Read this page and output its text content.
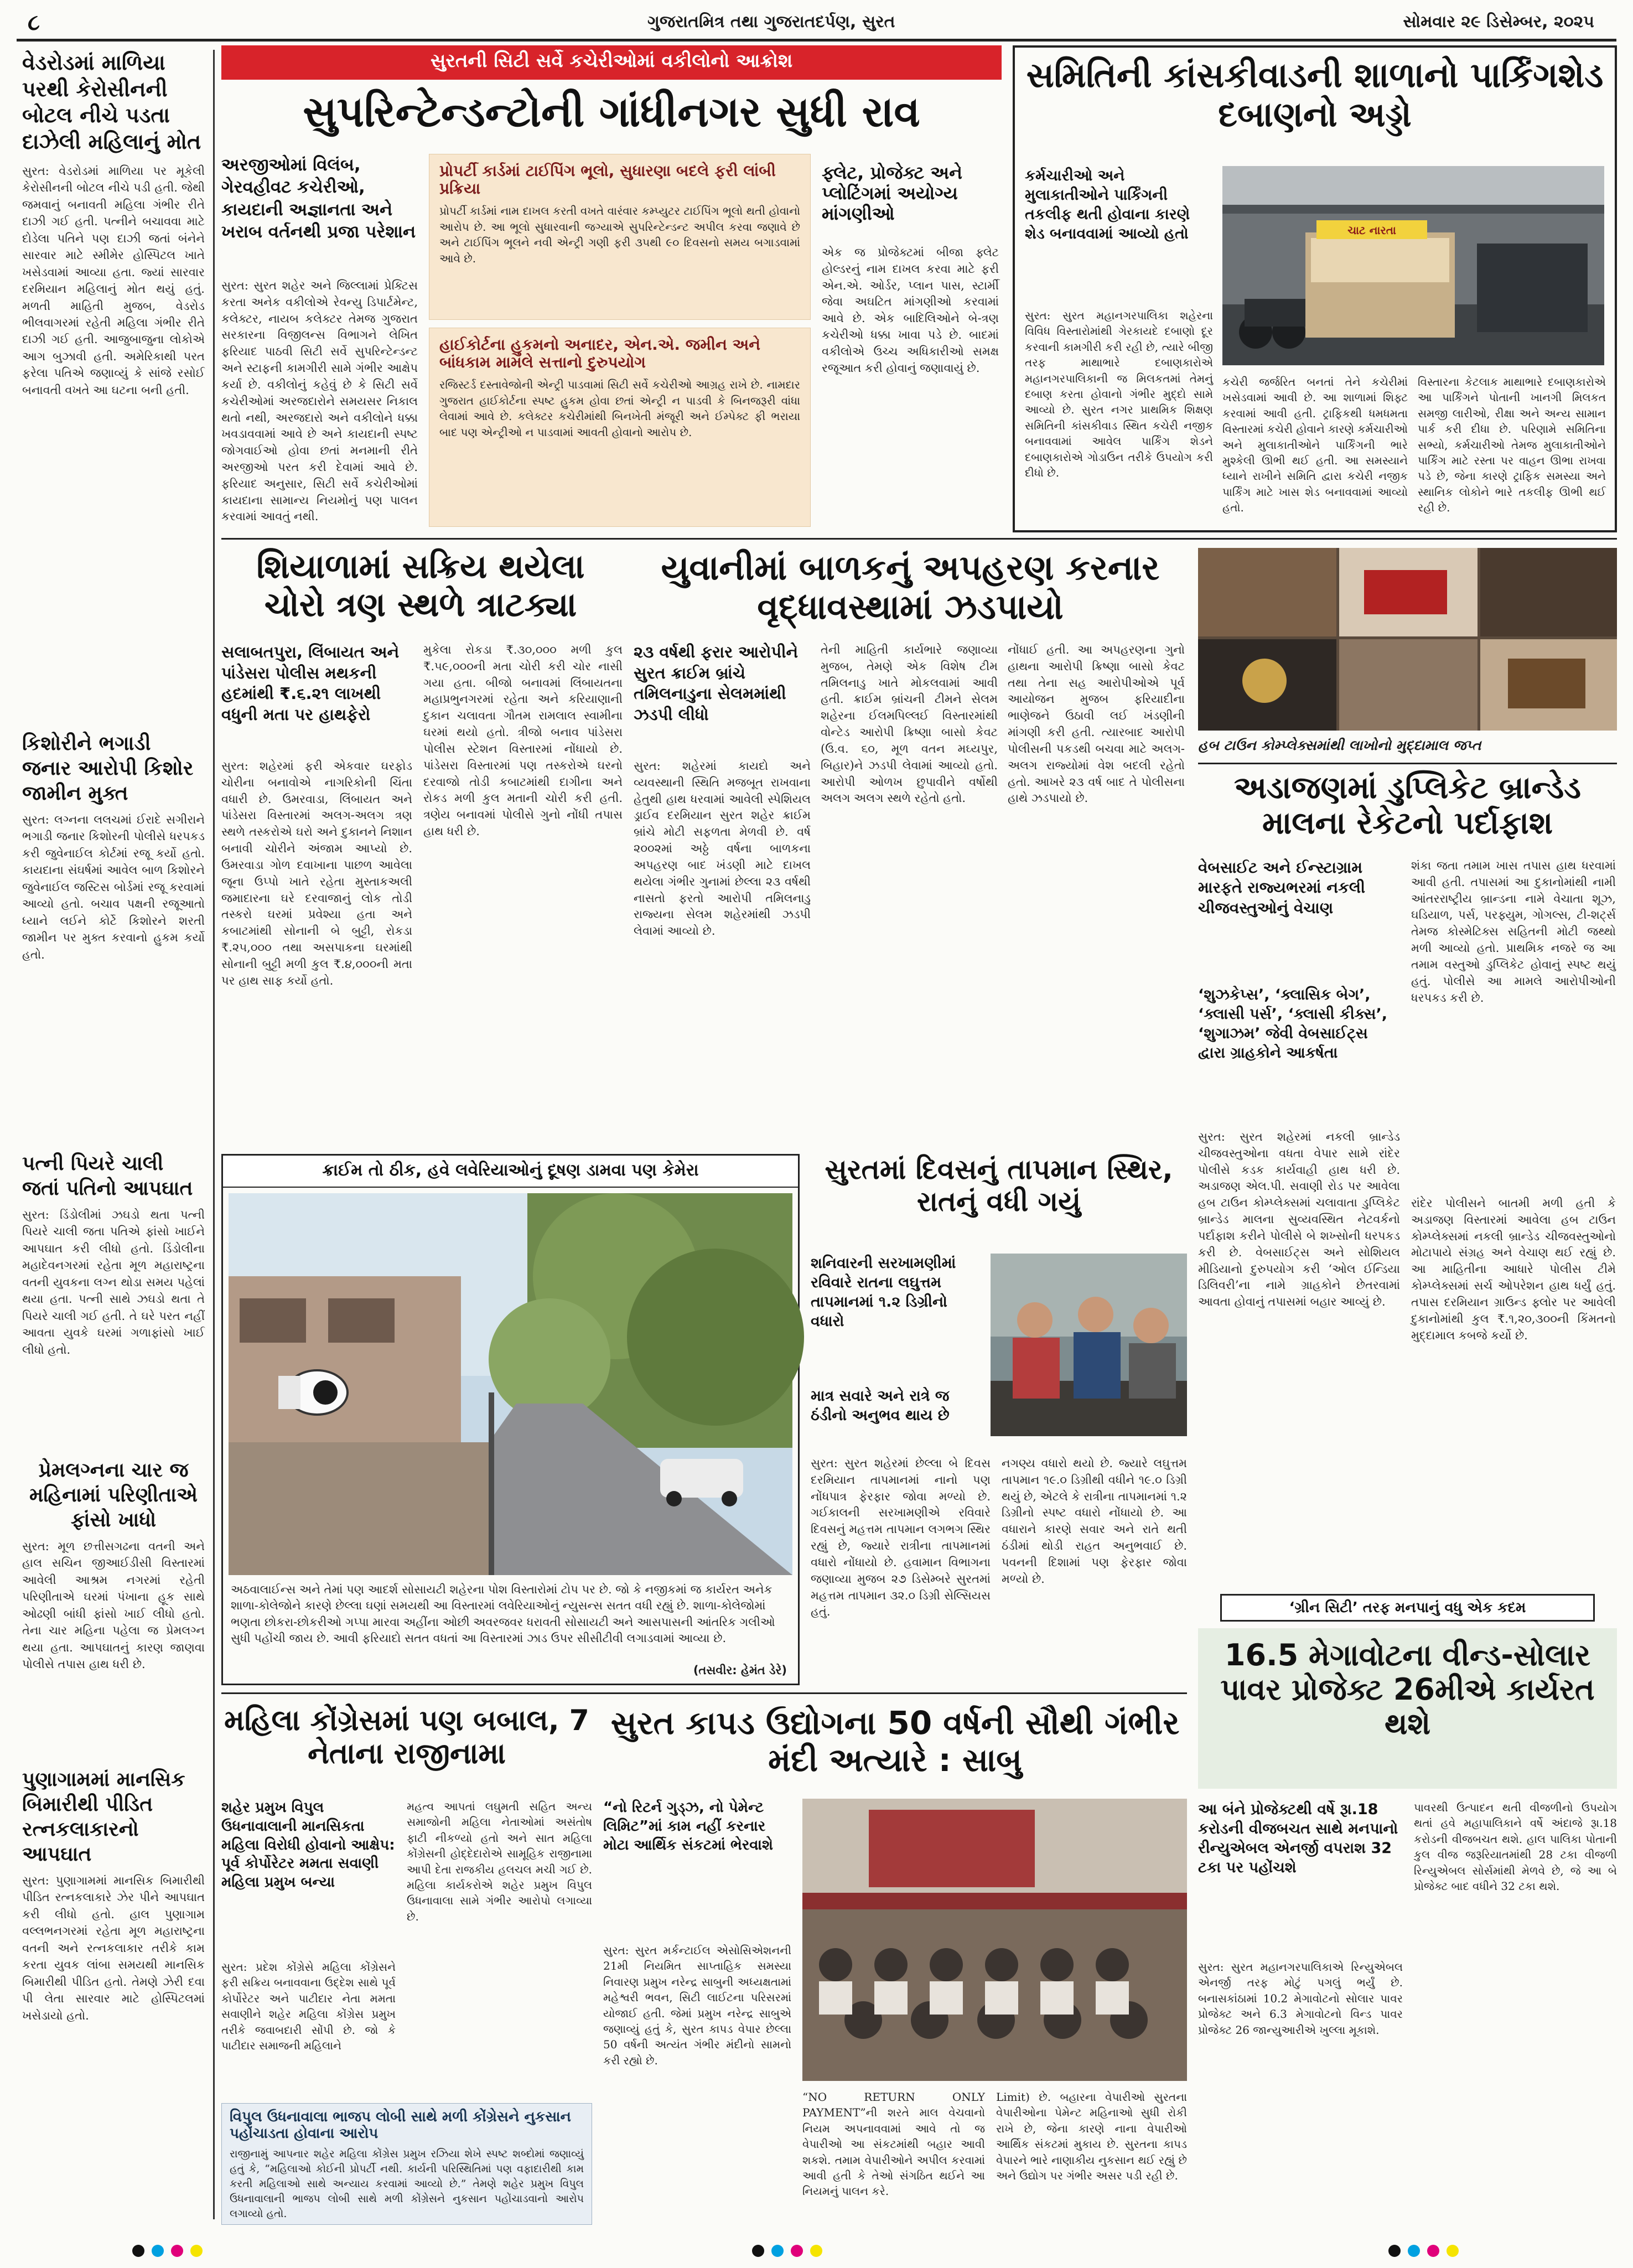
૮	ગુજરાતમિત્ર તથા ગુજરાતદર્પણ, સુરત	સોમવાર ૨૯ ડિસેમ્બર, ૨૦૨૫
વેડરોડમાં માળિયા પરથી કેરોસીનની બોટલ નીચે પડતા દાઝેલી મહિલાનું મોત
સુરત: વેડરોડમાં માળિયા પર મૂકેલી કેરોસીનની બોટલ નીચે પડી હતી. જેથી જમવાનું બનાવતી મહિલા ગંભીર રીતે દાઝી ગઈ હતી. પત્નીને બચાવવા માટે દોડેલા પતિને પણ દાઝી જતાં બંનેને સારવાર માટે સ્મીમેર હોસ્પિટલ ખાતે ખસેડવામાં આવ્યા હતા. જ્યાં સારવાર દરમિયાન મહિલાનું મોત થયું હતું. મળતી માહિતી મુજબ, વેડરોડ ભીલવાગરમાં રહેતી મહિલા ગંભીર રીતે દાઝી ગઈ હતી. આજુબાજુના લોકોએ આગ બુઝાવી હતી. અમેરિકાથી પરત ફરેલા પતિએ જણાવ્યું કે સાંજે રસોઈ બનાવતી વખતે આ ઘટના બની હતી.
કિશોરીને ભગાડી જનાર આરોપી કિશોર જામીન મુક્ત
સુરત: લગ્નના લલચમાં ઈરાદે સગીરાને ભગાડી જનાર કિશોરની પોલીસે ધરપકડ કરી જુવેનાઈલ કોર્ટમાં રજૂ કર્યો હતો. કાયદાના સંઘર્ષમાં આવેલ બાળ કિશોરને જુવેનાઈલ જસ્ટિસ બોર્ડમાં રજૂ કરવામાં આવ્યો હતો. બચાવ પક્ષની રજૂઆતો ધ્યાને લઈને કોર્ટે કિશોરને શરતી જામીન પર મુક્ત કરવાનો હુકમ કર્યો હતો.
પત્ની પિયરે ચાલી જતાં પતિનો આપઘાત
સુરત: ડિંડોલીમાં ઝઘડો થતા પત્ની પિયરે ચાલી જતા પતિએ ફાંસો ખાઈને આપઘાત કરી લીધો હતો. ડિંડોલીના મહાદેવનગરમાં રહેતા મૂળ મહારાષ્ટ્રના વતની યુવકના લગ્ન થોડા સમય પહેલાં થયા હતા. પત્ની સાથે ઝઘડો થતા તે પિયરે ચાલી ગઈ હતી. તે ઘરે પરત નહીં આવતા યુવકે ઘરમાં ગળાફાંસો ખાઈ લીધો હતો.
પ્રેમલગ્નના ચાર જ મહિનામાં પરિણીતાએ ફાંસો ખાધો
સુરત: મૂળ છત્તીસગઢના વતની અને હાલ સચિન જીઆઈડીસી વિસ્તારમાં આવેલી આશ્રમ નગરમાં રહેતી પરિણીતાએ ઘરમાં પંખાના હૂક સાથે ઓઢણી બાંધી ફાંસો ખાઈ લીધો હતો. તેના ચાર મહિના પહેલા જ પ્રેમલગ્ન થયા હતા. આપઘાતનું કારણ જાણવા પોલીસે તપાસ હાથ ધરી છે.
પુણાગામમાં માનસિક બિમારીથી પીડિત રત્નકલાકારનો આપઘાત
સુરત: પુણાગામમાં માનસિક બિમારીથી પીડિત રત્નકલાકારે ઝેર પીને આપઘાત કરી લીધો હતો. હાલ પુણાગામ વલ્લભનગરમાં રહેતા મૂળ મહારાષ્ટ્રના વતની અને રત્નકલાકાર તરીકે કામ કરતા યુવક લાંબા સમયથી માનસિક બિમારીથી પીડિત હતો. તેમણે ઝેરી દવા પી લેતા સારવાર માટે હોસ્પિટલમાં ખસેડાયો હતો.
સુરતની સિટી સર્વે કચેરીઓમાં વકીલોનો આક્રોશ
સુપરિન્ટેન્ડન્ટોની ગાંધીનગર સુધી રાવ
અરજીઓમાં વિલંબ, ગેરવહીવટ કચેરીઓ, કાયદાની અજ્ઞાનતા અને ખરાબ વર્તનથી પ્રજા પરેશાન
પ્રોપર્ટી કાર્ડમાં ટાઈપિંગ ભૂલો, સુધારણા બદલે ફરી લાંબી પ્રક્રિયા
પ્રોપર્ટી કાર્ડમાં નામ દાખલ કરતી વખતે વારંવાર કમ્પ્યુટર ટાઈપિંગ ભૂલો થતી હોવાનો આરોપ છે. આ ભૂલો સુધારવાની જગ્યાએ સુપરિન્ટેન્ડન્ટ અપીલ કરવા જણાવે છે અને ટાઈપિંગ ભૂલને નવી એન્ટ્રી ગણી ફરી ૩૫થી ૯૦ દિવસનો સમય બગાડવામાં આવે છે.
ફ્લેટ, પ્રોજેક્ટ અને પ્લોટિંગમાં અયોગ્ય માંગણીઓ
હાઈકોર્ટના હુકમનો અનાદર, એન.એ. જમીન અને બાંધકામ મામલે સત્તાનો દુરુપયોગ
રજિસ્ટર્ડ દસ્તાવેજોની એન્ટ્રી પાડવામાં સિટી સર્વે કચેરીઓ આગ્રહ રાખે છે. નામદાર ગુજરાત હાઈકોર્ટના સ્પષ્ટ હુકમ હોવા છતાં એન્ટ્રી ન પાડવી કે બિનજરૂરી વાંધા લેવામાં આવે છે. કલેક્ટર કચેરીમાંથી બિનખેતી મંજૂરી અને ઈમ્પેક્ટ ફી ભરાયા બાદ પણ એન્ટ્રીઓ ન પાડવામાં આવતી હોવાનો આરોપ છે.
સુરત: સુરત શહેર અને જિલ્લામાં પ્રેક્ટિસ કરતા અનેક વકીલોએ રેવન્યુ ડિપાર્ટમેન્ટ, કલેક્ટર, નાયબ કલેક્ટર તેમજ ગુજરાત સરકારના વિજીલન્સ વિભાગને લેખિત ફરિયાદ પાઠવી સિટી સર્વે સુપરિન્ટેન્ડન્ટ અને સ્ટાફની કામગીરી સામે ગંભીર આક્ષેપ કર્યા છે. વકીલોનું કહેવું છે કે સિટી સર્વે કચેરીઓમાં અરજદારોને સમયસર નિકાલ થતો નથી, અરજદારો અને વકીલોને ધક્કા ખવડાવવામાં આવે છે અને કાયદાની સ્પષ્ટ જોગવાઈઓ હોવા છતાં મનમાની રીતે અરજીઓ પરત કરી દેવામાં આવે છે. ફરિયાદ અનુસાર, સિટી સર્વે કચેરીઓમાં કાયદાના સામાન્ય નિયમોનું પણ પાલન કરવામાં આવતું નથી.
એક જ પ્રોજેક્ટમાં બીજા ફ્લેટ હોલ્ડરનું નામ દાખલ કરવા માટે ફરી એન.એ. ઓર્ડર, પ્લાન પાસ, સ્ટાર્મી જેવા અઘટિત માંગણીઓ કરવામાં આવે છે. એક બાદિલિઓને બે-ત્રણ કચેરીઓ ધક્કા ખાવા પડે છે. બાદમાં વકીલોએ ઉચ્ચ અધિકારીઓ સમક્ષ રજૂઆત કરી હોવાનું જણાવાયું છે.
સમિતિની કાંસકીવાડની શાળાનો પાર્કિંગશેડ દબાણનો અડ્ડો
કર્મચારીઓ અને મુલાકાતીઓને પાર્કિંગની તકલીફ થતી હોવાના કારણે શેડ બનાવવામાં આવ્યો હતો	ચાટ નારતા
સુરત: સુરત મહાનગરપાલિકા શહેરના વિવિધ વિસ્તારોમાંથી ગેરકાયદે દબાણો દૂર કરવાની કામગીરી કરી રહી છે, ત્યારે બીજી તરફ માથાભારે દબાણકારોએ મહાનગરપાલિકાની જ મિલકતમાં તેમનું દબાણ કરતા હોવાનો ગંભીર મુદ્દો સામે આવ્યો છે. સુરત નગર પ્રાથમિક શિક્ષણ સમિતિની કાંસકીવાડ સ્થિત કચેરી નજીક બનાવવામાં આવેલ પાર્કિંગ શેડને દબાણકારોએ ગોડાઉન તરીકે ઉપયોગ કરી દીધો છે.
કચેરી જર્જરિત બનતાં તેને કચેરીમાં ખસેડવામાં આવી છે. આ શાળામાં શિફ્ટ કરવામાં આવી હતી. ટ્રાફિકથી ધમધમતા વિસ્તારમાં કચેરી હોવાને કારણે કર્મચારીઓ અને મુલાકાતીઓને પાર્કિંગની ભારે મુશ્કેલી ઊભી થઈ હતી. આ સમસ્યાને ધ્યાને રાખીને સમિતિ દ્વારા કચેરી નજીક પાર્કિંગ માટે ખાસ શેડ બનાવવામાં આવ્યો હતો.
વિસ્તારના કેટલાક માથાભારે દબાણકારોએ આ પાર્કિંગને પોતાની ખાનગી મિલકત સમજી લારીઓ, રીક્ષા અને અન્ય સામાન પાર્ક કરી દીધા છે. પરિણામે સમિતિના સભ્યો, કર્મચારીઓ તેમજ મુલાકાતીઓને પાર્કિંગ માટે રસ્તા પર વાહન ઊભા રાખવા પડે છે, જેના કારણે ટ્રાફિક સમસ્યા અને સ્થાનિક લોકોને ભારે તકલીફ ઊભી થઈ રહી છે.
શિયાળામાં સક્રિય થયેલા ચોરો ત્રણ સ્થળે ત્રાટક્યા
સલાબતપુરા, લિંબાયત અને પાંડેસરા પોલીસ મથકની હદમાંથી ₹.૬.૨૧ લાખથી વધુની મતા પર હાથફેરો
સુરત: શહેરમાં ફરી એકવાર ઘરફોડ ચોરીના બનાવોએ નાગરિકોની ચિંતા વધારી છે. ઉમરવાડા, લિંબાયત અને પાંડેસરા વિસ્તારમાં અલગ-અલગ ત્રણ સ્થળે તસ્કરોએ ઘરો અને દુકાનને નિશાન બનાવી ચોરીને અંજામ આપ્યો છે. ઉમરવાડા ગોળ દવાખાના પાછળ આવેલા જૂના ઉપ્પો ખાતે રહેતા મુસ્તાકઅલી જમાદારના ઘરે દરવાજાનું લોક તોડી તસ્કરો ઘરમાં પ્રવેશ્યા હતા અને કબાટમાંથી સોનાની બે બુટ્ટી, રોકડા ₹.૨૫,૦૦૦ તથા અસપાકના ઘરમાંથી સોનાની બુટ્ટી મળી કુલ ₹.૪,૦૦૦ની મતા પર હાથ સાફ કર્યો હતો.
મુકેલા રોકડા ₹.૩૦,૦૦૦ મળી કુલ ₹.૫૯,૦૦૦ની મતા ચોરી કરી ચોર નાસી ગયા હતા. બીજો બનાવમાં લિંબાયતના મહાપ્રભુનગરમાં રહેતા અને કરિયાણાની દુકાન ચલાવતા ગૌતમ રામલાલ સ્વામીના ઘરમાં થયો હતો. ત્રીજો બનાવ પાંડેસરા પોલીસ સ્ટેશન વિસ્તારમાં નોંધાયો છે. પાંડેસરા વિસ્તારમાં પણ તસ્કરોએ ઘરનો દરવાજો તોડી કબાટમાંથી દાગીના અને રોકડ મળી કુલ મતાની ચોરી કરી હતી. ત્રણેય બનાવમાં પોલીસે ગુનો નોંધી તપાસ હાથ ધરી છે.
યુવાનીમાં બાળકનું અપહરણ કરનાર વૃદ્ધાવસ્થામાં ઝડપાયો
૨૩ વર્ષથી ફરાર આરોપીને સુરત ક્રાઈમ બ્રાંચે તમિલનાડુના સેલમમાંથી ઝડપી લીધો
સુરત: શહેરમાં કાયદો અને વ્યવસ્થાની સ્થિતિ મજબૂત રાખવાના હેતુથી હાથ ધરવામાં આવેલી સ્પેશિયલ ડ્રાઈવ દરમિયાન સુરત શહેર ક્રાઈમ બ્રાંચે મોટી સફળતા મેળવી છે. વર્ષ ૨૦૦૨માં અઠ્ઠે વર્ષના બાળકના અપહરણ બાદ ખંડણી માટે દાખલ થયેલા ગંભીર ગુનામાં છેલ્લા ૨૩ વર્ષથી નાસતો ફરતો આરોપી તમિલનાડુ રાજ્યના સેલમ શહેરમાંથી ઝડપી લેવામાં આવ્યો છે.
તેની માહિતી કાર્યભારે જણાવ્યા મુજબ, તેમણે એક વિશેષ ટીમ તમિલનાડુ ખાતે મોકલવામાં આવી હતી. ક્રાઈમ બ્રાંચની ટીમને સેલમ શહેરના ઈલમપિલ્લઈ વિસ્તારમાંથી વોન્ટેડ આરોપી ક્રિષ્ણા બાસો કેવટ (ઉ.વ. ૬૦, મૂળ વતન મઘ્યપુર, બિહાર)ને ઝડપી લેવામાં આવ્યો હતો. આરોપી ઓળખ છુપાવીને વર્ષોથી અલગ અલગ સ્થળે રહેતો હતો.
નોંધાઈ હતી. આ અપહરણના ગુનો હાથના આરોપી ક્રિષ્ણા બાસો કેવટ તથા તેના સહ આરોપીઓએ પૂર્વ આયોજન મુજબ ફરિયાદીના ભાણેજને ઉઠાવી લઈ ખંડણીની માંગણી કરી હતી. ત્યારબાદ આરોપી પોલીસની પકડથી બચવા માટે અલગ-અલગ રાજ્યોમાં વેશ બદલી રહેતો હતો. આખરે ૨૩ વર્ષ બાદ તે પોલીસના હાથે ઝડપાયો છે.
હબ ટાઉન કોમ્પ્લેક્સમાંથી લાખોનો મુદ્દામાલ જપ્ત
અડાજણમાં ડુપ્લિકેટ બ્રાન્ડેડ માલના રેકેટનો પર્દાફાશ
વેબસાઈટ અને ઈન્સ્ટાગ્રામ મારફતે રાજ્યભરમાં નકલી ચીજવસ્તુઓનું વેચાણ
‘શુઝકેપ્સ’, ‘ક્લાસિક બેગ’, ‘ક્લાસી પર્સ’, ‘ક્લાસી કીક્સ’, ‘શુગાઝમ’ જેવી વેબસાઈટ્સ દ્વારા ગ્રાહકોને આકર્ષતા
શંકા જતા તમામ ખાસ તપાસ હાથ ધરવામાં આવી હતી. તપાસમાં આ દુકાનોમાંથી નામી આંતરરાષ્ટ્રીય બ્રાન્ડના નામે વેચાતા શૂઝ, ઘડિયાળ, પર્સ, પરફ્યુમ, ગોગલ્સ, ટી-શર્ટ્સ તેમજ કોસ્મેટિક્સ સહિતની મોટી જથ્થો મળી આવ્યો હતો. પ્રાથમિક નજરે જ આ તમામ વસ્તુઓ ડુપ્લિકેટ હોવાનું સ્પષ્ટ થયું હતું. પોલીસે આ મામલે આરોપીઓની ધરપકડ કરી છે.
સુરત: સુરત શહેરમાં નકલી બ્રાન્ડેડ ચીજવસ્તુઓના વધતા વેપાર સામે રાંદેર પોલીસે કડક કાર્યવાહી હાથ ધરી છે. અડાજણ એલ.પી. સવાણી રોડ પર આવેલા હબ ટાઉન કોમ્પ્લેક્સમાં ચલાવાતા ડુપ્લિકેટ બ્રાન્ડેડ માલના સુવ્યવસ્થિત નેટવર્કનો પર્દાફાશ કરીને પોલીસે બે શખ્સોની ધરપકડ કરી છે. વેબસાઈટ્સ અને સોશિયલ મીડિયાનો દુરુપયોગ કરી ‘ઓલ ઈન્ડિયા ડિલિવરી’ના નામે ગ્રાહકોને છેતરવામાં આવતા હોવાનું તપાસમાં બહાર આવ્યું છે.
રાંદેર પોલીસને બાતમી મળી હતી કે અડાજણ વિસ્તારમાં આવેલા હબ ટાઉન કોમ્પ્લેક્સમાં નકલી બ્રાન્ડેડ ચીજવસ્તુઓનો મોટાપાયે સંગ્રહ અને વેચાણ થઈ રહ્યું છે. આ માહિતીના આધારે પોલીસ ટીમે કોમ્પ્લેક્સમાં સર્ચ ઓપરેશન હાથ ધર્યું હતું. તપાસ દરમિયાન ગ્રાઉન્ડ ફ્લોર પર આવેલી દુકાનોમાંથી કુલ ₹.૧,૨૦,૩૦૦ની કિંમતનો મુદ્દામાલ કબજે કર્યો છે.
ક્રાઈમ તો ઠીક, હવે લવેરિયાઓનું દૂષણ ડામવા પણ કેમેરા
અઠવાલાઈન્સ અને તેમાં પણ આદર્શ સોસાયટી શહેરના પોશ વિસ્તારોમાં ટોપ પર છે. જો કે નજીકમાં જ કાર્યરત અનેક શાળા-કોલેજોને કારણે છેલ્લા ઘણાં સમયથી આ વિસ્તારમાં લવેરિયાઓનું ન્યુસન્સ સતત વધી રહ્યું છે. શાળા-કોલેજોમાં ભણતા છોકરા-છોકરીઓ ગપ્પા મારવા અહીંના ઓછી અવરજવર ધરાવતી સોસાયટી અને આસપાસની આંતરિક ગલીઓ સુધી પહોંચી જાય છે. આવી ફરિયાદો સતત વધતાં આ વિસ્તારમાં ઝાડ ઉપર સીસીટીવી લગાડવામાં આવ્યા છે.
(તસવીર: હેમંત ડેરે)
સુરતમાં દિવસનું તાપમાન સ્થિર, રાતનું વધી ગયું
શનિવારની સરખામણીમાં રવિવારે રાતના લઘુત્તમ તાપમાનમાં ૧.૨ ડિગ્રીનો વધારો
માત્ર સવારે અને રાત્રે જ ઠંડીનો અનુભવ થાય છે
સુરત: સુરત શહેરમાં છેલ્લા બે દિવસ દરમિયાન તાપમાનમાં નાનો પણ નોંધપાત્ર ફેરફાર જોવા મળ્યો છે. ગઈકાલની સરખામણીએ રવિવારે દિવસનું મહત્તમ તાપમાન લગભગ સ્થિર રહ્યું છે, જ્યારે રાત્રીના તાપમાનમાં વધારો નોંધાયો છે. હવામાન વિભાગના જણાવ્યા મુજબ ૨૭ ડિસેમ્બરે સુરતમાં મહત્તમ તાપમાન ૩૨.૦ ડિગ્રી સેલ્સિયસ હતું.
નગણ્ય વધારો થયો છે. જ્યારે લઘુત્તમ તાપમાન ૧૯.૦ ડિગ્રીથી વધીને ૧૯.૦ ડિગ્રી થયું છે, એટલે કે રાત્રીના તાપમાનમાં ૧.૨ ડિગ્રીનો સ્પષ્ટ વધારો નોંધાયો છે. આ વધારાને કારણે સવાર અને રાતે થતી ઠંડીમાં થોડી રાહત અનુભવાઈ છે. પવનની દિશામાં પણ ફેરફાર જોવા મળ્યો છે.
મહિલા કોંગ્રેસમાં પણ બબાલ, 7 નેતાના રાજીનામા
શહેર પ્રમુખ વિપુલ ઉધનાવાલાની માનસિકતા મહિલા વિરોધી હોવાનો આક્ષેપ: પૂર્વ કોર્પોરેટર મમતા સવાણી મહિલા પ્રમુખ બન્યા
સુરત: પ્રદેશ કોંગ્રેસે મહિલા કોંગ્રેસને ફરી સક્રિય બનાવવાના ઉદ્દેશ સાથે પૂર્વ કોર્પોરેટર અને પાટીદાર નેતા મમતા સવાણીને શહેર મહિલા કોંગ્રેસ પ્રમુખ તરીકે જવાબદારી સોંપી છે. જો કે પાટીદાર સમાજની મહિલાને
મહત્વ આપતાં લઘુમતી સહિત અન્ય સમાજોની મહિલા નેતાઓમાં અસંતોષ ફાટી નીકળ્યો હતો અને સાત મહિલા કોંગ્રેસની હોદ્દેદારોએ સામૂહિક રાજીનામા આપી દેતા રાજકીય હલચલ મચી ગઈ છે. મહિલા કાર્યકરોએ શહેર પ્રમુખ વિપુલ ઉધનાવાલા સામે ગંભીર આરોપો લગાવ્યા છે.
વિપુલ ઉધનાવાલા ભાજપ લોબી સાથે મળી કોંગ્રેસને નુકસાન પહોંચાડતા હોવાના આરોપ
રાજીનામું આપનાર શહેર મહિલા કોંગ્રેસ પ્રમુખ રઝિયા શેખે સ્પષ્ટ શબ્દોમાં જણાવ્યું હતું કે, “મહિલાઓ કોઈની પ્રોપર્ટી નથી. કાર્યની પરિસ્થિતિમાં પણ વફાદારીથી કામ કરતી મહિલાઓ સાથે અન્યાય કરવામાં આવ્યો છે.” તેમણે શહેર પ્રમુખ વિપુલ ઉધનાવાલાની ભાજપ લોબી સાથે મળી કોંગ્રેસને નુકસાન પહોંચાડવાનો આરોપ લગાવ્યો હતો.
સુરત કાપડ ઉદ્યોગના 50 વર્ષની સૌથી ગંભીર મંદી અત્યારે : સાબુ
“નો રિટર્ન ગુડ્ઝ, નો પેમેન્ટ લિમિટ”માં કામ નહીં કરનાર મોટા આર્થિક સંકટમાં ભેરવાશે
સુરત: સુરત મર્કન્ટાઈલ એસોસિએશનની 21મી નિયમિત સાપ્તાહિક સમસ્યા નિવારણ પ્રમુખ નરેન્દ્ર સાબુની અધ્યક્ષતામાં મહેશ્વરી ભવન, સિટી લાઈટના પરિસરમાં યોજાઈ હતી. જેમાં પ્રમુખ નરેન્દ્ર સાબુએ જણાવ્યું હતું કે, સુરત કાપડ વેપાર છેલ્લા 50 વર્ષની અત્યંત ગંભીર મંદીનો સામનો કરી રહ્યો છે.
“NO RETURN ONLY PAYMENT”ની શરતે માલ વેચવાનો નિયમ અપનાવવામાં આવે તો જ વેપારીઓ આ સંકટમાંથી બહાર આવી શકશે. તમામ વેપારીઓને અપીલ કરવામાં આવી હતી કે તેઓ સંગઠિત થઈને આ નિયમનું પાલન કરે.
Limit) છે. બહારના વેપારીઓ સુરતના વેપારીઓના પેમેન્ટ મહિનાઓ સુધી રોકી રાખે છે, જેના કારણે નાના વેપારીઓ આર્થિક સંકટમાં મુકાય છે. સુરતના કાપડ વેપારને ભારે નાણાકીય નુકસાન થઈ રહ્યું છે અને ઉદ્યોગ પર ગંભીર અસર પડી રહી છે.
‘ગ્રીન સિટી’ તરફ મનપાનું વધુ એક કદમ
16.5 મેગાવોટના વીન્ડ-સોલાર પાવર પ્રોજેક્ટ 26મીએ કાર્યરત થશે
આ બંને પ્રોજેક્ટથી વર્ષે રૂા.18 કરોડની વીજબચત સાથે મનપાનો રીન્યુએબલ એનર્જી વપરાશ 32 ટકા પર પહોંચશે
સુરત: સુરત મહાનગરપાલિકાએ રિન્યુએબલ એનર્જી તરફ મોટું પગલું ભર્યું છે. બનાસકાંઠામાં 10.2 મેગાવોટનો સોલાર પાવર પ્રોજેક્ટ અને 6.3 મેગાવોટનો વિન્ડ પાવર પ્રોજેક્ટ 26 જાન્યુઆરીએ ખુલ્લા મૂકાશે.
પાવરથી ઉત્પાદન થતી વીજળીનો ઉપયોગ થતાં હવે મહાપાલિકાને વર્ષે અંદાજે રૂા.18 કરોડની વીજબચત થશે. હાલ પાલિકા પોતાની કુલ વીજ જરૂરિયાતમાંથી 28 ટકા વીજળી રિન્યુએબલ સોર્સમાંથી મેળવે છે, જે આ બે પ્રોજેક્ટ બાદ વધીને 32 ટકા થશે.
